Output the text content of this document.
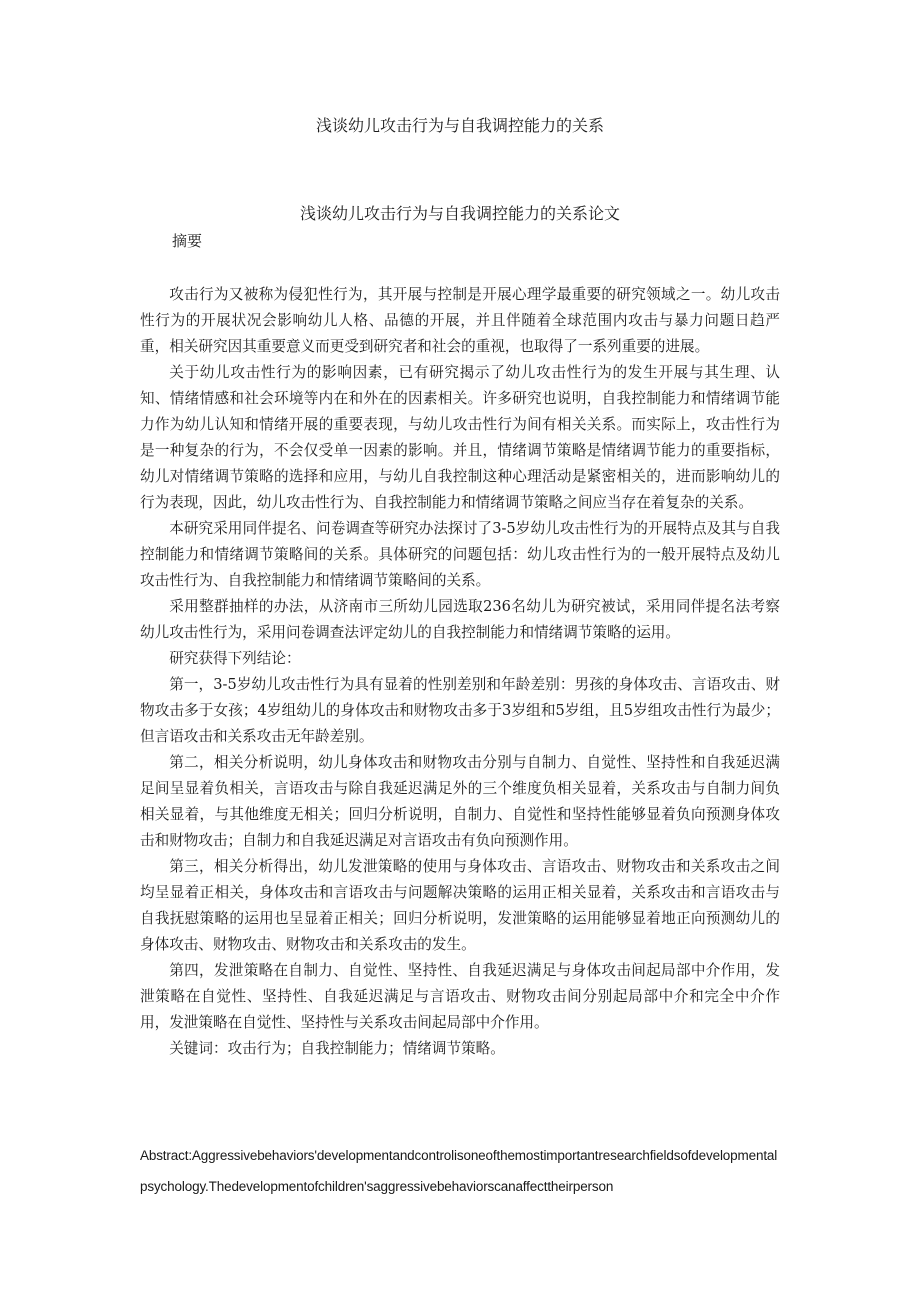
浅谈幼儿攻击行为与自我调控能力的关系
浅谈幼儿攻击行为与自我调控能力的关系论文
摘要

攻击行为又被称为侵犯性行为，其开展与控制是开展心理学最重要的研究领域之一。幼儿攻击性行为的开展状况会影响幼儿人格、品德的开展，并且伴随着全球范围内攻击与暴力问题日趋严重，相关研究因其重要意义而更受到研究者和社会的重视，也取得了一系列重要的进展。

关于幼儿攻击性行为的影响因素，已有研究揭示了幼儿攻击性行为的发生开展与其生理、认知、情绪情感和社会环境等内在和外在的因素相关。许多研究也说明，自我控制能力和情绪调节能力作为幼儿认知和情绪开展的重要表现，与幼儿攻击性行为间有相关关系。而实际上，攻击性行为是一种复杂的行为，不会仅受单一因素的影响。并且，情绪调节策略是情绪调节能力的重要指标，幼儿对情绪调节策略的选择和应用，与幼儿自我控制这种心理活动是紧密相关的，进而影响幼儿的行为表现，因此，幼儿攻击性行为、自我控制能力和情绪调节策略之间应当存在着复杂的关系。

本研究采用同伴提名、问卷调查等研究办法探讨了3-5岁幼儿攻击性行为的开展特点及其与自我控制能力和情绪调节策略间的关系。具体研究的问题包括：幼儿攻击性行为的一般开展特点及幼儿攻击性行为、自我控制能力和情绪调节策略间的关系。

采用整群抽样的办法，从济南市三所幼儿园选取236名幼儿为研究被试，采用同伴提名法考察幼儿攻击性行为，采用问卷调查法评定幼儿的自我控制能力和情绪调节策略的运用。

研究获得下列结论：

第一，3-5岁幼儿攻击性行为具有显着的性别差别和年龄差别：男孩的身体攻击、言语攻击、财物攻击多于女孩；4岁组幼儿的身体攻击和财物攻击多于3岁组和5岁组，且5岁组攻击性行为最少；但言语攻击和关系攻击无年龄差别。

第二，相关分析说明，幼儿身体攻击和财物攻击分别与自制力、自觉性、坚持性和自我延迟满足间呈显着负相关，言语攻击与除自我延迟满足外的三个维度负相关显着，关系攻击与自制力间负相关显着，与其他维度无相关；回归分析说明，自制力、自觉性和坚持性能够显着负向预测身体攻击和财物攻击；自制力和自我延迟满足对言语攻击有负向预测作用。

第三，相关分析得出，幼儿发泄策略的使用与身体攻击、言语攻击、财物攻击和关系攻击之间均呈显着正相关，身体攻击和言语攻击与问题解决策略的运用正相关显着，关系攻击和言语攻击与自我抚慰策略的运用也呈显着正相关；回归分析说明，发泄策略的运用能够显着地正向预测幼儿的身体攻击、财物攻击、财物攻击和关系攻击的发生。

第四，发泄策略在自制力、自觉性、坚持性、自我延迟满足与身体攻击间起局部中介作用，发泄策略在自觉性、坚持性、自我延迟满足与言语攻击、财物攻击间分别起局部中介和完全中介作用，发泄策略在自觉性、坚持性与关系攻击间起局部中介作用。

关键词：攻击行为；自我控制能力；情绪调节策略。

Abstract:Aggressivebehaviors'developmentandcontrolisoneofthemostimportantresearchfieldsofdevelopmentalpsychology.Thedevelopmentofchildren'saggressivebehaviorscanaffecttheirperson
